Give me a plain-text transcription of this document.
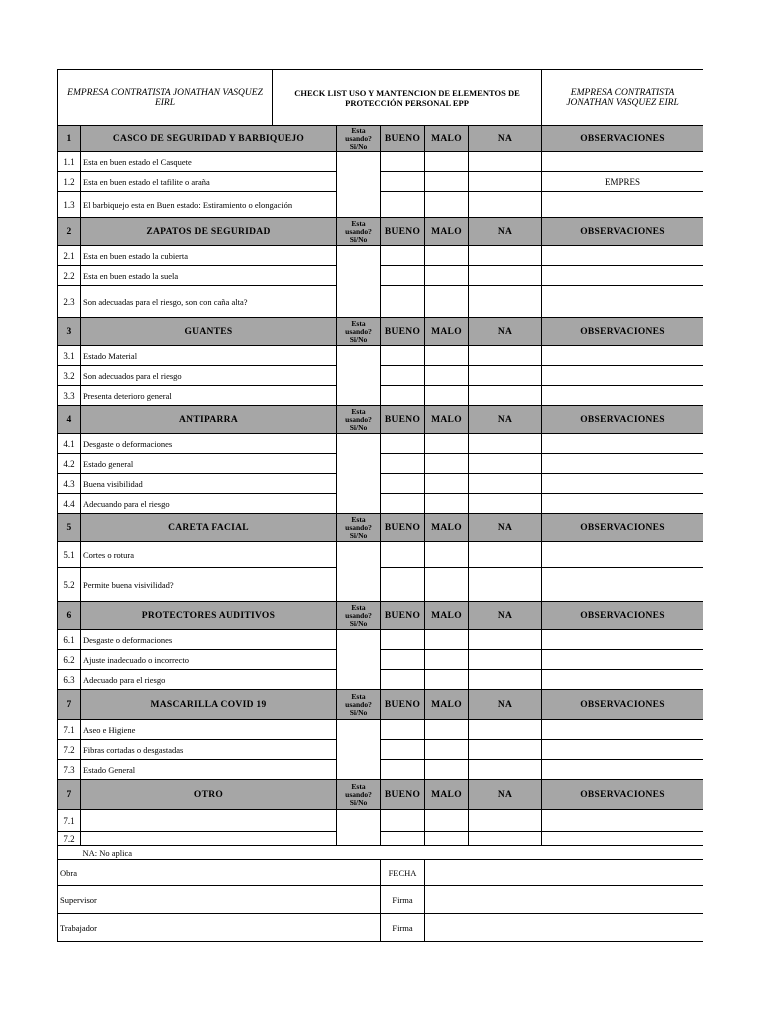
EMPRESA CONTRATISTA JONATHAN VASQUEZ EIRL		CHECK LIST USO Y MANTENCION DE ELEMENTOS DE PROTECCIÓN PERSONAL EPP					EMPRESA CONTRATISTA JONATHAN VASQUEZ EIRL
1	CASCO DE SEGURIDAD Y BARBIQUEJO		Esta usando? Si/No	BUENO	MALO	NA	OBSERVACIONES
1.1	Esta en buen estado el Casquete						
1.2	Esta en buen estado el tafilite o araña						EMPRES
1.3	El barbiquejo esta en Buen estado: Estiramiento o elongación						
2	ZAPATOS DE SEGURIDAD		Esta usando? Si/No	BUENO	MALO	NA	OBSERVACIONES
2.1	Esta en buen estado la cubierta						
2.2	Esta en buen estado la suela						
2.3	Son adecuadas para el riesgo, son con caña alta?						
3	GUANTES		Esta usando? Si/No	BUENO	MALO	NA	OBSERVACIONES
3.1	Estado Material						
3.2	Son adecuados para el riesgo						
3.3	Presenta deterioro general						
4	ANTIPARRA		Esta usando? Si/No	BUENO	MALO	NA	OBSERVACIONES
4.1	Desgaste o deformaciones						
4.2	Estado general						
4.3	Buena visibilidad						
4.4	Adecuando para el riesgo						
5	CARETA FACIAL		Esta usando? Si/No	BUENO	MALO	NA	OBSERVACIONES
5.1	Cortes o rotura						
5.2	Permite buena visivilidad?						
6	PROTECTORES AUDITIVOS		Esta usando? Si/No	BUENO	MALO	NA	OBSERVACIONES
6.1	Desgaste o deformaciones						
6.2	Ajuste inadecuado o incorrecto						
6.3	Adecuado para el riesgo						
7	MASCARILLA COVID 19		Esta usando? Si/No	BUENO	MALO	NA	OBSERVACIONES
7.1	Aseo e Higiene						
7.2	Fibras cortadas o desgastadas						
7.3	Estado General						
7	OTRO		Esta usando? Si/No	BUENO	MALO	NA	OBSERVACIONES
7.1							
7.2							
	NA: No aplica						
Obra				FECHA			
Supervisor				Firma			
Trabajador				Firma			
